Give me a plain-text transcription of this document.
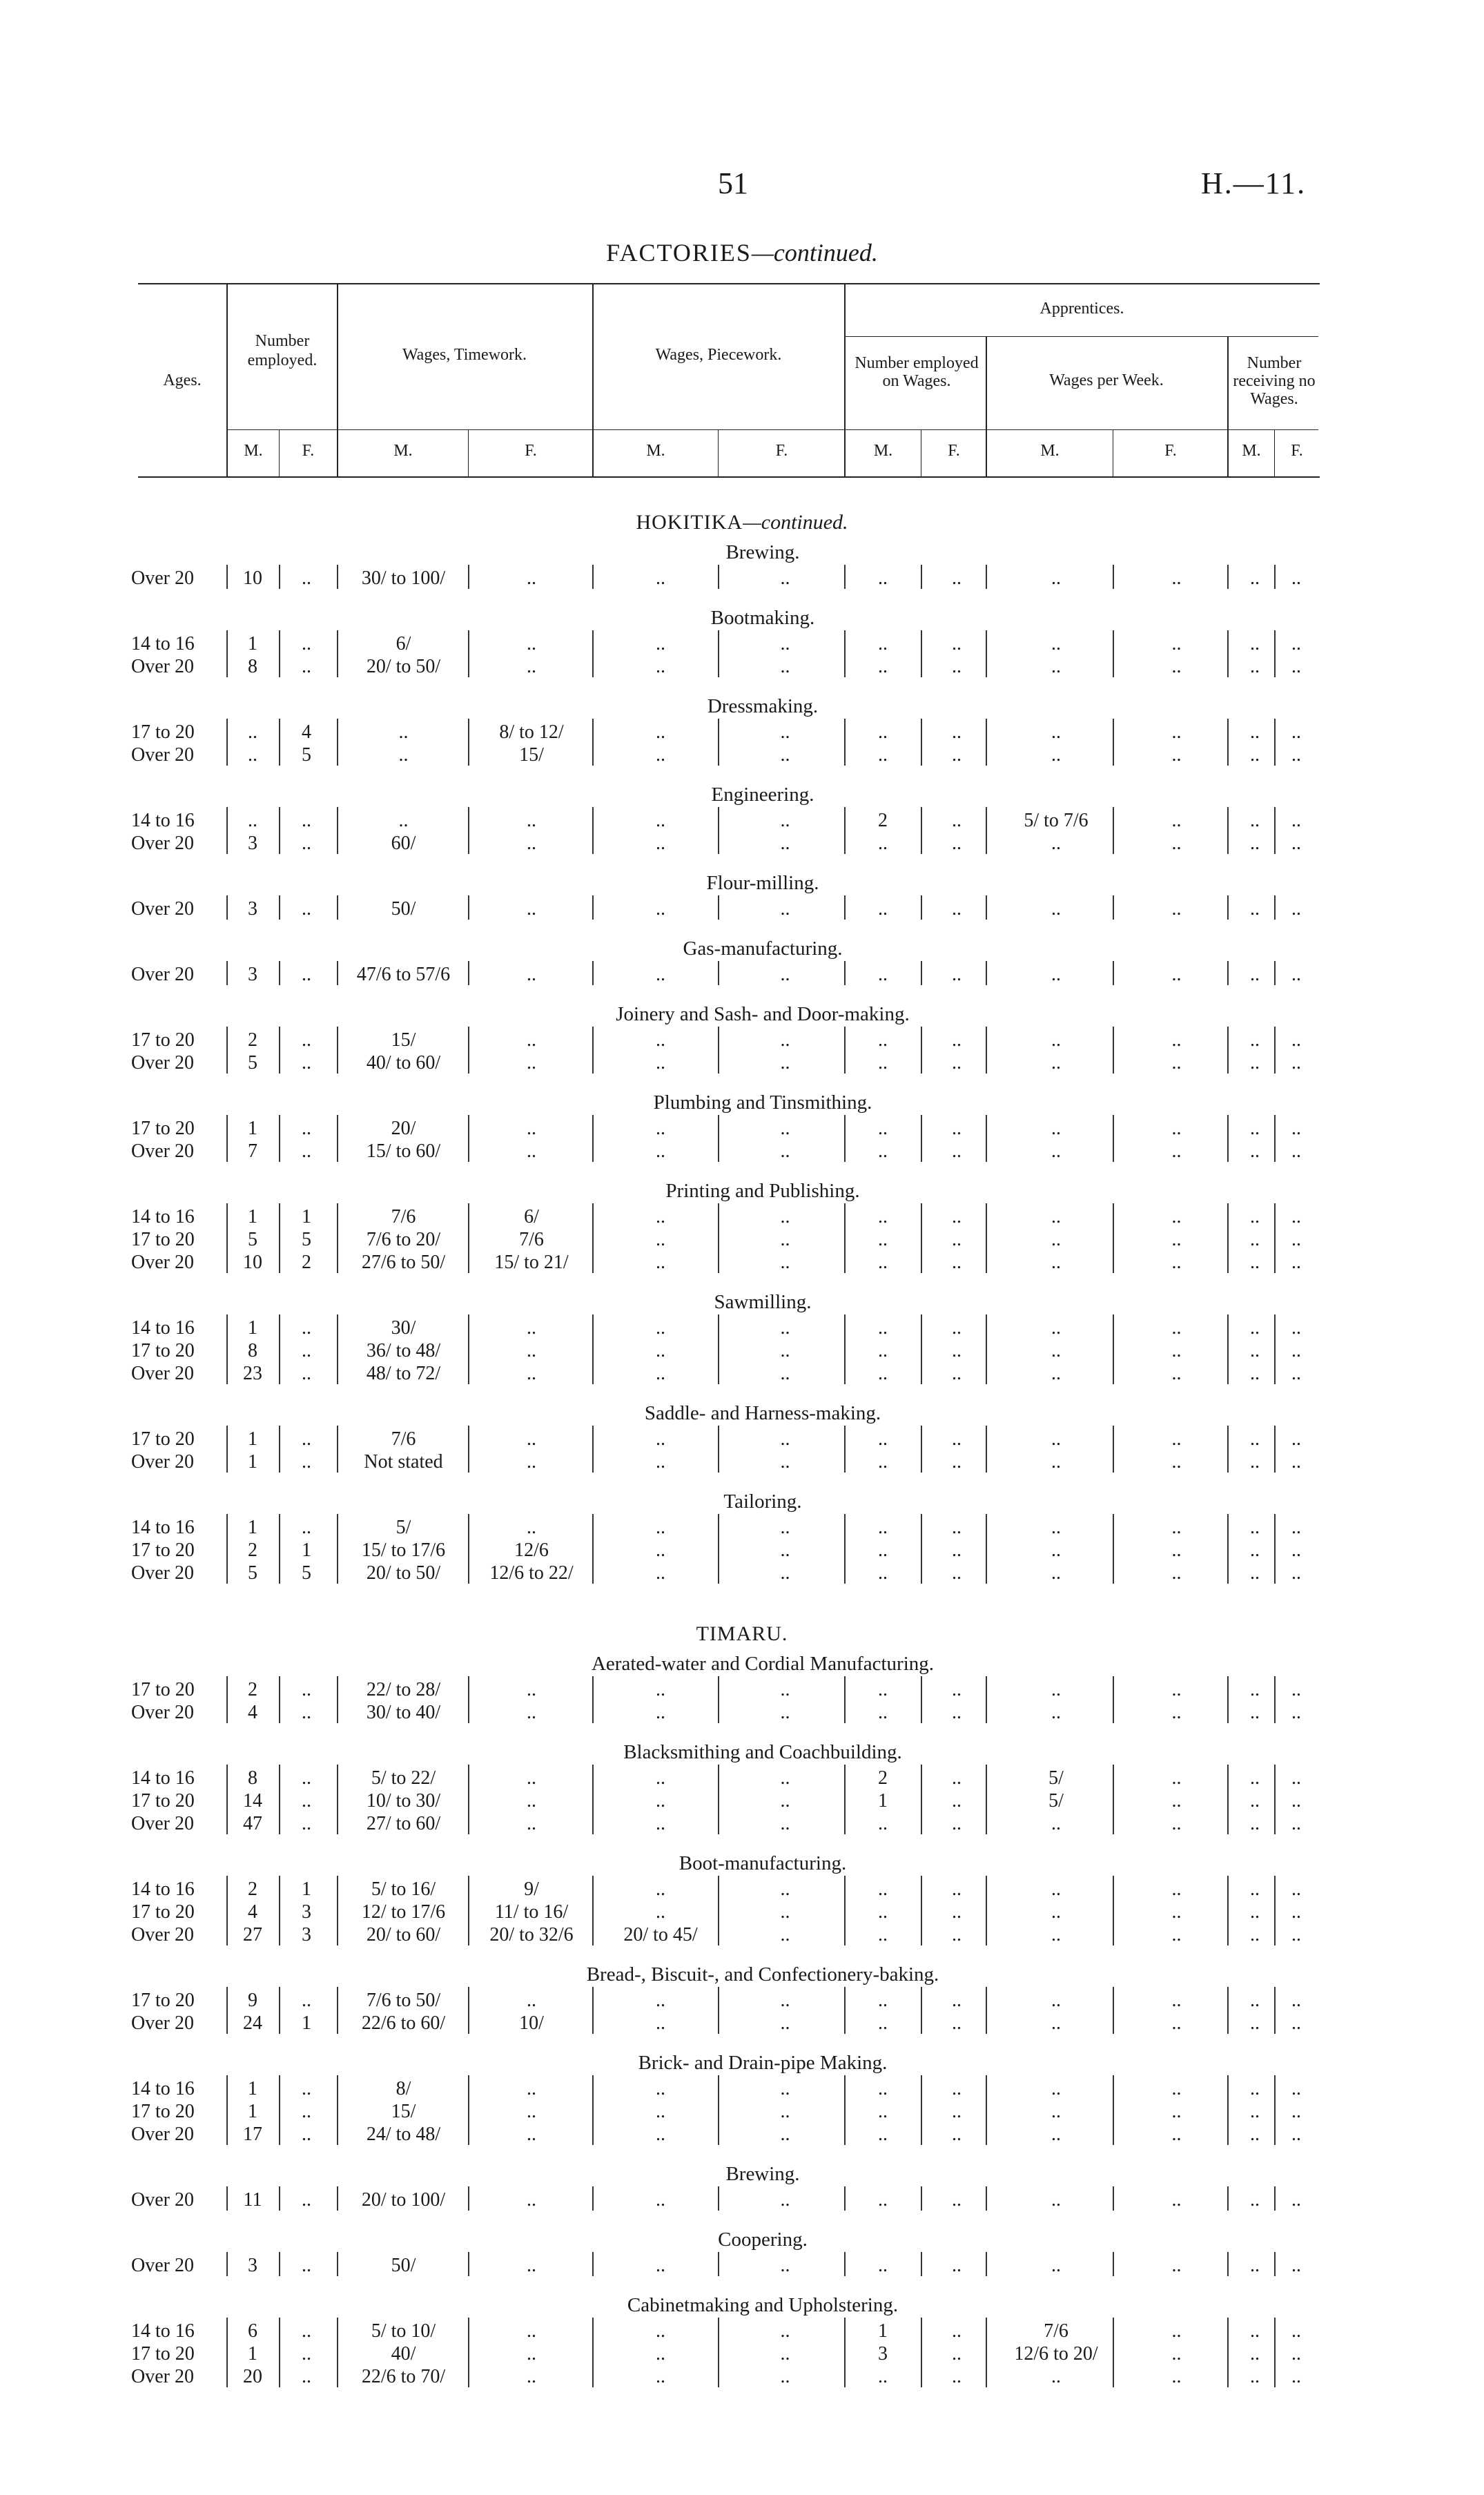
51	H.—11.
FACTORIES—continued.
Ages.
Number employed.	Wages, Timework.	Wages, Piecework.
Apprentices.
Number employed on Wages.	Wages per Week.
Number receiving no Wages.
M.	F.	M.	F.	M.	F.	M.	F.	M.	F.	M.	F.
HOKITIKA—continued.
Brewing.
Over 20	10	..	30/ to 100/	..	..	..	..	..	..	..	..	..
Bootmaking.
14 to 16	1	..	6/	..	..	..	..	..	..	..	..	..
Over 20	8	..	20/ to 50/	..	..	..	..	..	..	..	..	..
Dressmaking.
17 to 20	..	4	..	8/ to 12/	..	..	..	..	..	..	..	..
Over 20	..	5	..	15/	..	..	..	..	..	..	..	..
Engineering.
14 to 16	..	..	..	..	..	..	2	..	5/ to 7/6	..	..	..
Over 20	3	..	60/	..	..	..	..	..	..	..	..	..
Flour-milling.
Over 20	3	..	50/	..	..	..	..	..	..	..	..	..
Gas-manufacturing.
Over 20	3	..	47/6 to 57/6	..	..	..	..	..	..	..	..	..
Joinery and Sash- and Door-making.
17 to 20	2	..	15/	..	..	..	..	..	..	..	..	..
Over 20	5	..	40/ to 60/	..	..	..	..	..	..	..	..	..
Plumbing and Tinsmithing.
17 to 20	1	..	20/	..	..	..	..	..	..	..	..	..
Over 20	7	..	15/ to 60/	..	..	..	..	..	..	..	..	..
Printing and Publishing.
14 to 16	1	1	7/6	6/	..	..	..	..	..	..	..	..
17 to 20	5	5	7/6 to 20/	7/6	..	..	..	..	..	..	..	..
Over 20	10	2	27/6 to 50/	15/ to 21/	..	..	..	..	..	..	..	..
Sawmilling.
14 to 16	1	..	30/	..	..	..	..	..	..	..	..	..
17 to 20	8	..	36/ to 48/	..	..	..	..	..	..	..	..	..
Over 20	23	..	48/ to 72/	..	..	..	..	..	..	..	..	..
Saddle- and Harness-making.
17 to 20	1	..	7/6	..	..	..	..	..	..	..	..	..
Over 20	1	..	Not stated	..	..	..	..	..	..	..	..	..
Tailoring.
14 to 16	1	..	5/	..	..	..	..	..	..	..	..	..
17 to 20	2	1	15/ to 17/6	12/6	..	..	..	..	..	..	..	..
Over 20	5	5	20/ to 50/	12/6 to 22/	..	..	..	..	..	..	..	..
TIMARU.
Aerated-water and Cordial Manufacturing.
17 to 20	2	..	22/ to 28/	..	..	..	..	..	..	..	..	..
Over 20	4	..	30/ to 40/	..	..	..	..	..	..	..	..	..
Blacksmithing and Coachbuilding.
14 to 16	8	..	5/ to 22/	..	..	..	2	..	5/	..	..	..
17 to 20	14	..	10/ to 30/	..	..	..	1	..	5/	..	..	..
Over 20	47	..	27/ to 60/	..	..	..	..	..	..	..	..	..
Boot-manufacturing.
14 to 16	2	1	5/ to 16/	9/	..	..	..	..	..	..	..	..
17 to 20	4	3	12/ to 17/6	11/ to 16/	..	..	..	..	..	..	..	..
Over 20	27	3	20/ to 60/	20/ to 32/6	20/ to 45/	..	..	..	..	..	..	..
Bread-, Biscuit-, and Confectionery-baking.
17 to 20	9	..	7/6 to 50/	..	..	..	..	..	..	..	..	..
Over 20	24	1	22/6 to 60/	10/	..	..	..	..	..	..	..	..
Brick- and Drain-pipe Making.
14 to 16	1	..	8/	..	..	..	..	..	..	..	..	..
17 to 20	1	..	15/	..	..	..	..	..	..	..	..	..
Over 20	17	..	24/ to 48/	..	..	..	..	..	..	..	..	..
Brewing.
Over 20	11	..	20/ to 100/	..	..	..	..	..	..	..	..	..
Coopering.
Over 20	3	..	50/	..	..	..	..	..	..	..	..	..
Cabinetmaking and Upholstering.
14 to 16	6	..	5/ to 10/	..	..	..	1	..	7/6	..	..	..
17 to 20	1	..	40/	..	..	..	3	..	12/6 to 20/	..	..	..
Over 20	20	..	22/6 to 70/	..	..	..	..	..	..	..	..	..
